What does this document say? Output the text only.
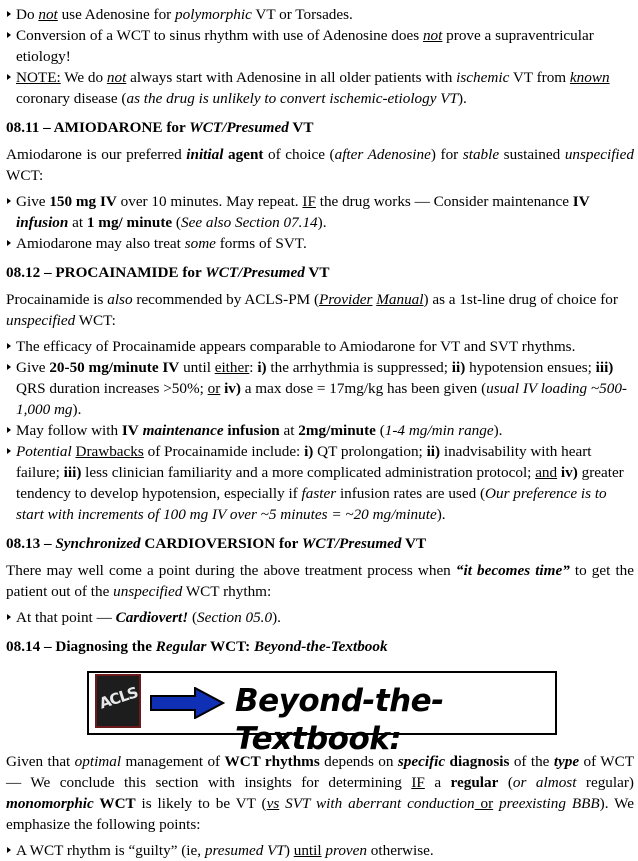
Do not use Adenosine for polymorphic VT or Torsades.
Conversion of a WCT to sinus rhythm with use of Adenosine does not prove a supraventricular etiology!
NOTE: We do not always start with Adenosine in all older patients with ischemic VT from known coronary disease (as the drug is unlikely to convert ischemic-etiology VT).
08.11 – AMIODARONE for WCT/Presumed VT
Amiodarone is our preferred initial agent of choice (after Adenosine) for stable sustained unspecified WCT:
Give 150 mg IV over 10 minutes. May repeat. IF the drug works — Consider maintenance IV infusion at 1 mg/ minute (See also Section 07.14).
Amiodarone may also treat some forms of SVT.
08.12 – PROCAINAMIDE for WCT/Presumed VT
Procainamide is also recommended by ACLS-PM (Provider Manual) as a 1st-line drug of choice for unspecified WCT:
The efficacy of Procainamide appears comparable to Amiodarone for VT and SVT rhythms.
Give 20-50 mg/minute IV until either: i) the arrhythmia is suppressed; ii) hypotension ensues; iii) QRS duration increases >50%; or iv) a max dose = 17mg/kg has been given (usual IV loading ~500-1,000 mg).
May follow with IV maintenance infusion at 2mg/minute (1-4 mg/min range).
Potential Drawbacks of Procainamide include: i) QT prolongation; ii) inadvisability with heart failure; iii) less clinician familiarity and a more complicated administration protocol; and iv) greater tendency to develop hypotension, especially if faster infusion rates are used (Our preference is to start with increments of 100 mg IV over ~5 minutes = ~20 mg/minute).
08.13 – Synchronized CARDIOVERSION for WCT/Presumed VT
There may well come a point during the above treatment process when “it becomes time” to get the patient out of the unspecified WCT rhythm:
At that point — Cardiovert! (Section 05.0).
08.14 – Diagnosing the Regular WCT: Beyond-the-Textbook
ACLS	Beyond-the-Textbook:
Given that optimal management of WCT rhythms depends on specific diagnosis of the type of WCT — We conclude this section with insights for determining IF a regular (or almost regular) monomorphic WCT is likely to be VT (vs SVT with aberrant conduction or preexisting BBB). We emphasize the following points:
A WCT rhythm is “guilty” (ie, presumed VT) until proven otherwise.
